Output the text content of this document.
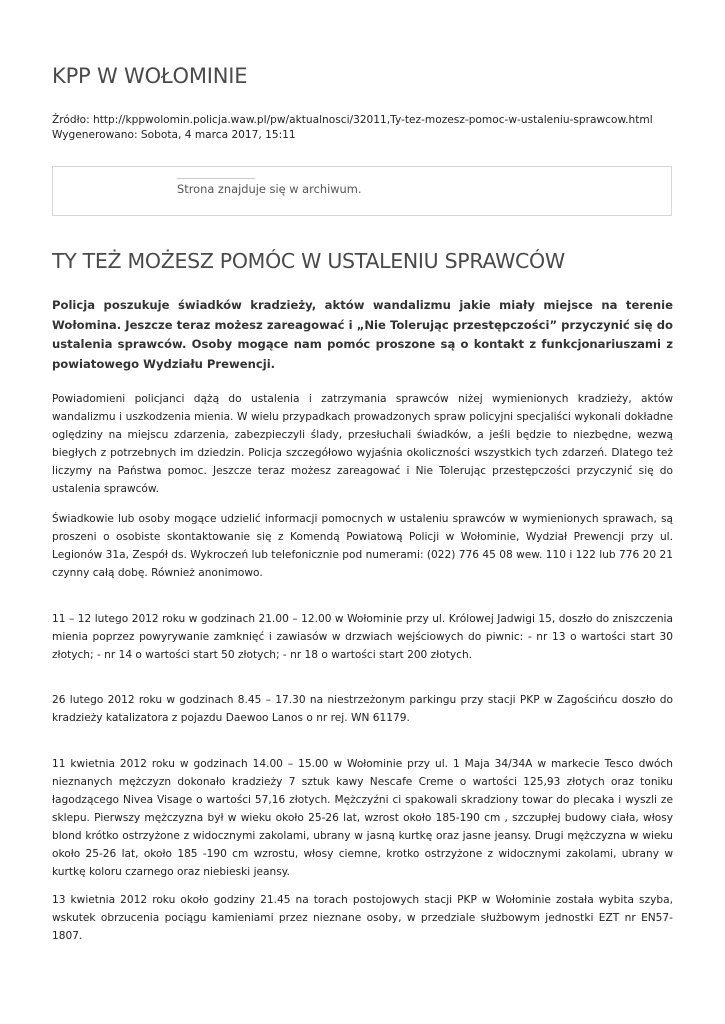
KPP W WOŁOMINIE
Źródło: http://kppwolomin.policja.waw.pl/pw/aktualnosci/32011,Ty-tez-mozesz-pomoc-w-ustaleniu-sprawcow.html
Wygenerowano: Sobota, 4 marca 2017, 15:11
Strona znajduje się w archiwum.
TY TEŻ MOŻESZ POMÓC W USTALENIU SPRAWCÓW

Policja poszukuje świadków kradzieży, aktów wandalizmu jakie miały miejsce na terenie Wołomina. Jeszcze teraz możesz zareagować i „Nie Tolerując przestępczości” przyczynić się do ustalenia sprawców. Osoby mogące nam pomóc proszone są o kontakt z funkcjonariuszami z powiatowego Wydziału Prewencji.

Powiadomieni policjanci dążą do ustalenia i zatrzymania sprawców niżej wymienionych kradzieży, aktów wandalizmu i uszkodzenia mienia. W wielu przypadkach prowadzonych spraw policyjni specjaliści wykonali dokładne oględziny na miejscu zdarzenia, zabezpieczyli ślady, przesłuchali świadków, a jeśli będzie to niezbędne, wezwą biegłych z potrzebnych im dziedzin. Policja szczegółowo wyjaśnia okoliczności wszystkich tych zdarzeń. Dlatego też liczymy na Państwa pomoc. Jeszcze teraz możesz zareagować i Nie Tolerując przestępczości przyczynić się do ustalenia sprawców.

Świadkowie lub osoby mogące udzielić informacji pomocnych w ustaleniu sprawców w wymienionych sprawach, są proszeni o osobiste skontaktowanie się z Komendą Powiatową Policji w Wołominie, Wydział Prewencji przy ul. Legionów 31a, Zespół ds. Wykroczeń lub telefonicznie pod numerami: (022) 776 45 08 wew. 110 i 122 lub 776 20 21 czynny całą dobę. Również anonimowo.

11 – 12 lutego 2012 roku w godzinach 21.00 – 12.00 w Wołominie przy ul. Królowej Jadwigi 15, doszło do zniszczenia mienia poprzez powyrywanie zamknięć i zawiasów w drzwiach wejściowych do piwnic: - nr 13 o wartości start 30 złotych; - nr 14 o wartości start 50 złotych; - nr 18 o wartości start 200 złotych.

26 lutego 2012 roku w godzinach 8.45 – 17.30 na niestrzeżonym parkingu przy stacji PKP w Zagościńcu doszło do kradzieży katalizatora z pojazdu Daewoo Lanos o nr rej. WN 61179.

11 kwietnia 2012 roku w godzinach 14.00 – 15.00 w Wołominie przy ul. 1 Maja 34/34A w markecie Tesco dwóch nieznanych mężczyzn dokonało kradzieży 7 sztuk kawy Nescafe Creme o wartości 125,93 złotych oraz toniku łagodzącego Nivea Visage o wartości 57,16 złotych. Mężczyźni ci spakowali skradziony towar do plecaka i wyszli ze sklepu. Pierwszy mężczyzna był w wieku około 25-26 lat, wzrost około 185-190 cm , szczupłej budowy ciała, włosy blond krótko ostrzyżone z widocznymi zakolami, ubrany w jasną kurtkę oraz jasne jeansy. Drugi mężczyzna w wieku około 25-26 lat, około 185 -190 cm wzrostu, włosy ciemne, krotko ostrzyżone z widocznymi zakolami, ubrany w kurtkę koloru czarnego oraz niebieski jeansy.

13 kwietnia 2012 roku około godziny 21.45 na torach postojowych stacji PKP w Wołominie została wybita szyba, wskutek obrzucenia pociągu kamieniami przez nieznane osoby, w przedziale służbowym jednostki EZT nr EN57-1807.
